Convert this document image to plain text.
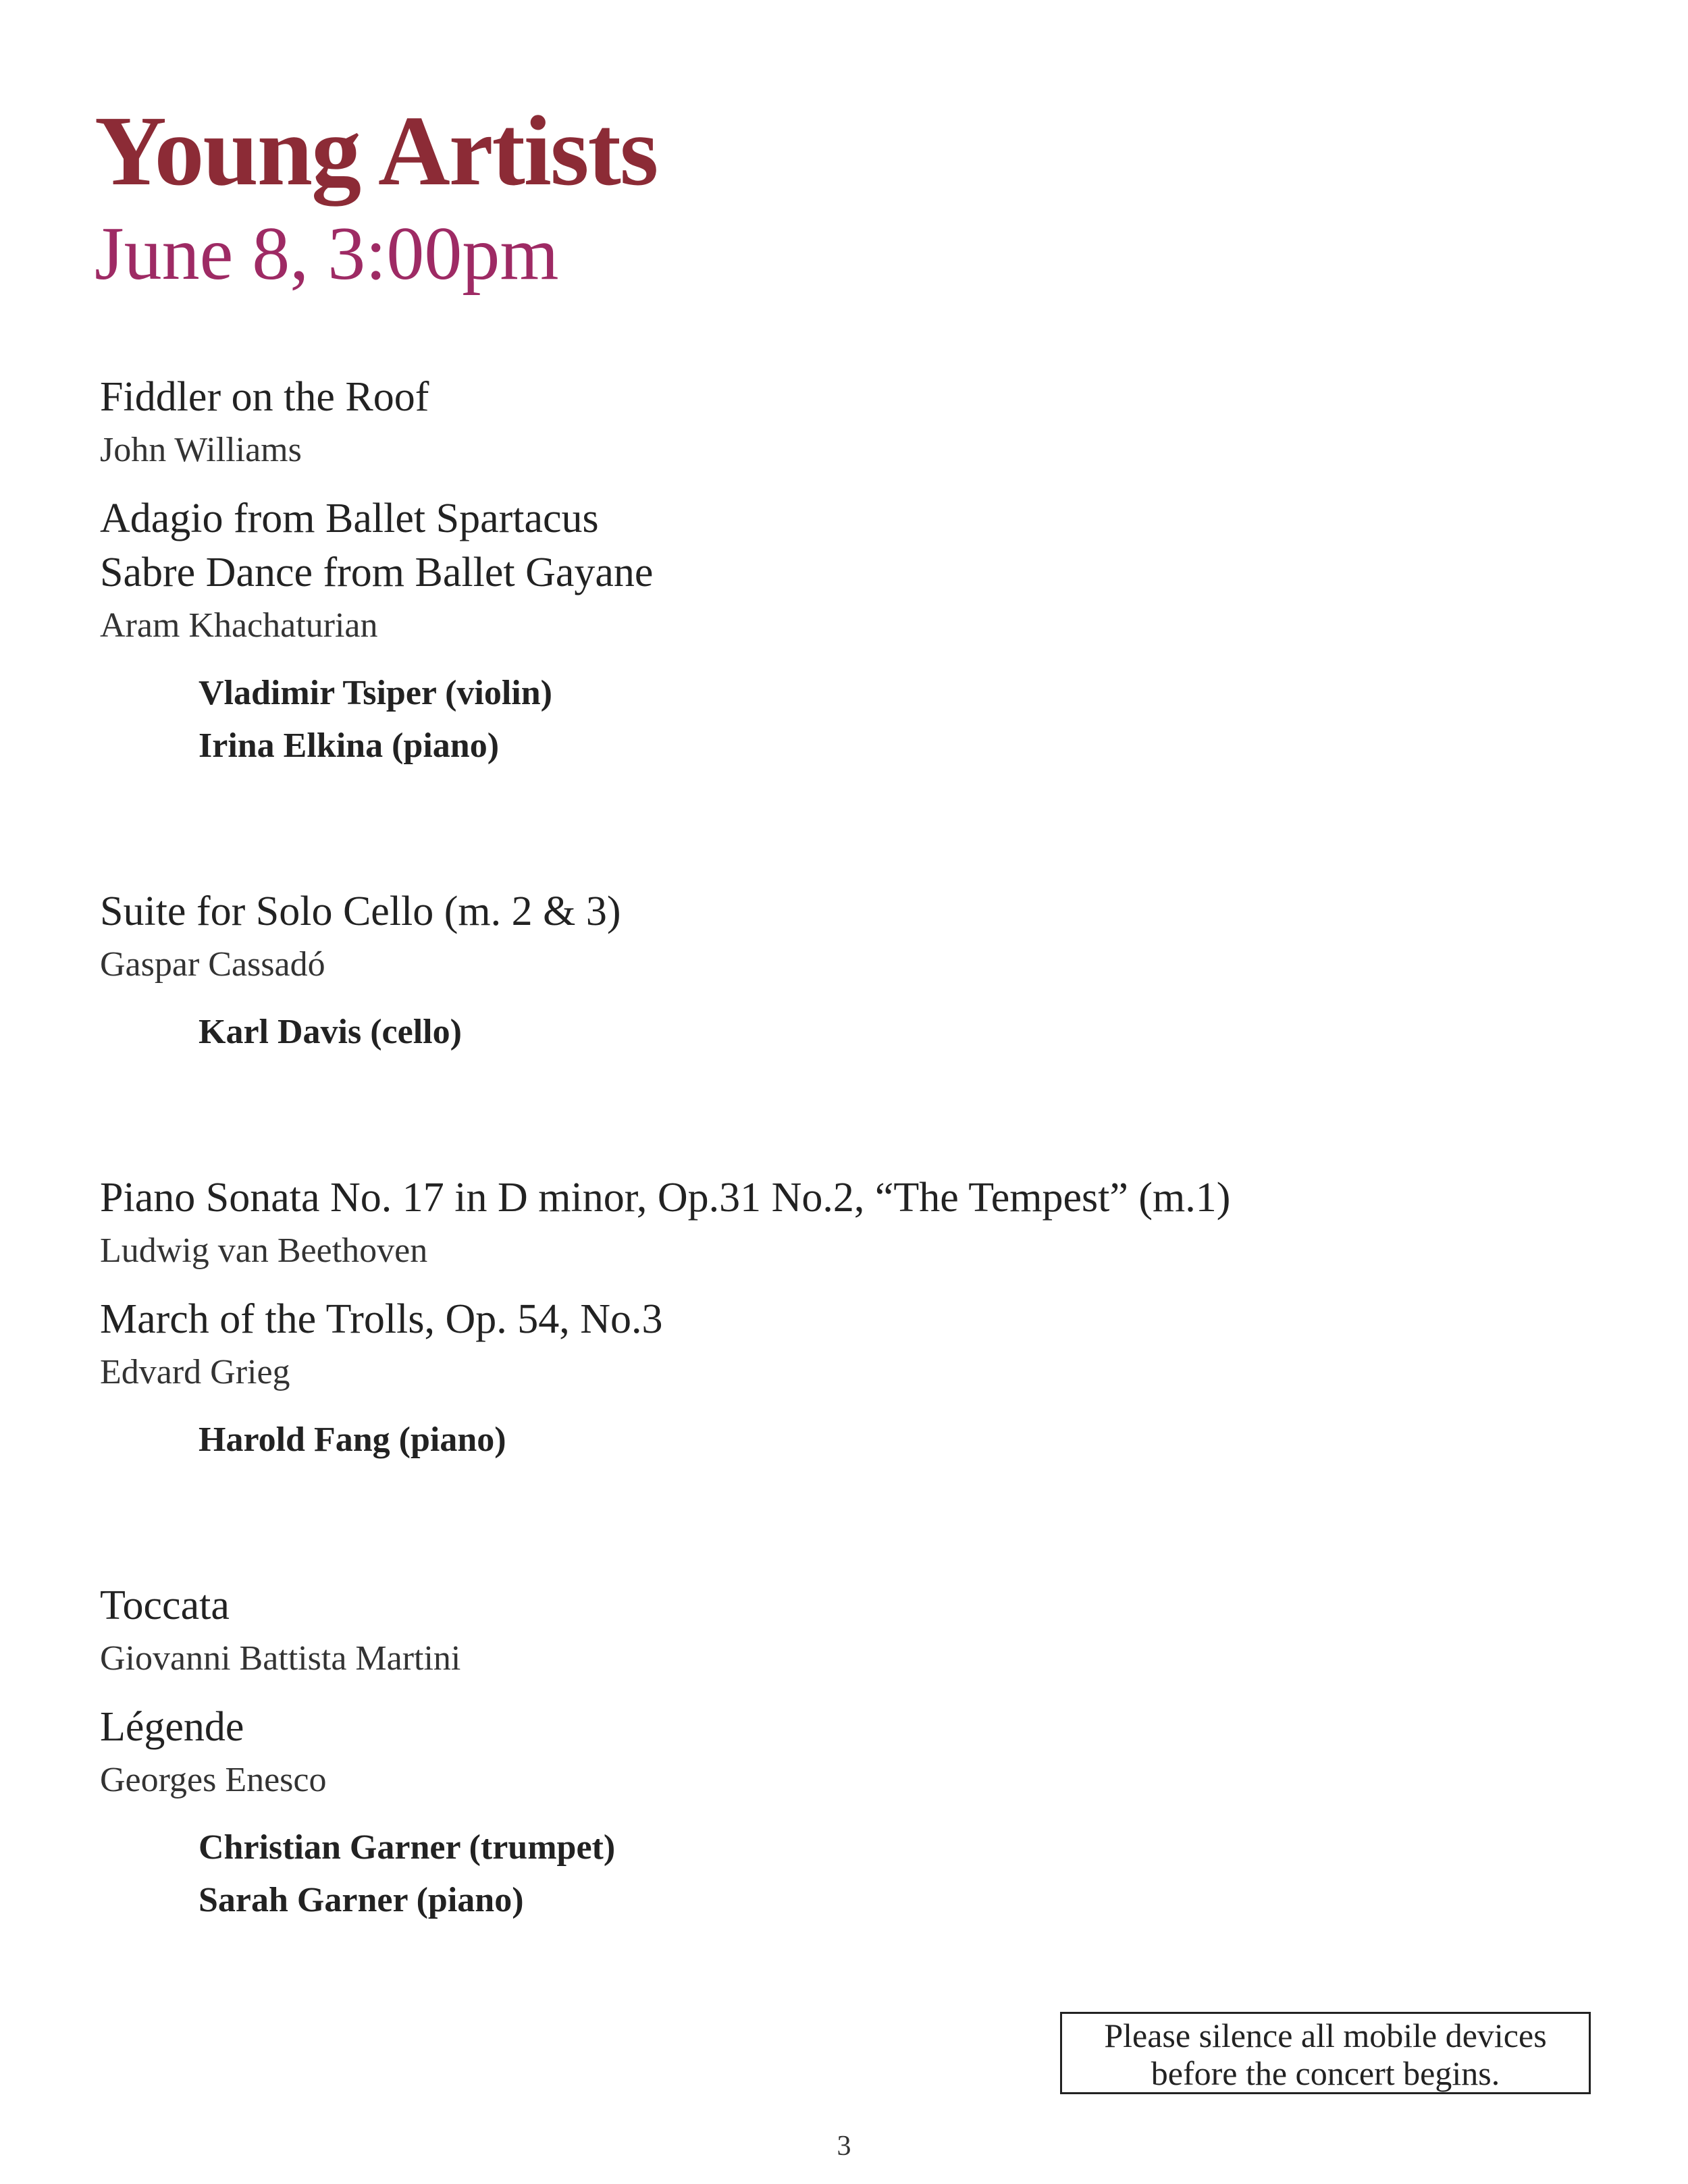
Young Artists
June 8, 3:00pm
Fiddler on the Roof
John Williams
Adagio from Ballet Spartacus
Sabre Dance from Ballet Gayane
Aram Khachaturian
Vladimir Tsiper (violin)
Irina Elkina (piano)
Suite for Solo Cello (m. 2 & 3)
Gaspar Cassadó
Karl Davis (cello)
Piano Sonata No. 17 in D minor, Op.31 No.2, “The Tempest” (m.1)
Ludwig van Beethoven
March of the Trolls, Op. 54, No.3
Edvard Grieg
Harold Fang (piano)
Toccata
Giovanni Battista Martini
Légende
Georges Enesco
Christian Garner (trumpet)
Sarah Garner (piano)
Please silence all mobile devices
before the concert begins.
3
